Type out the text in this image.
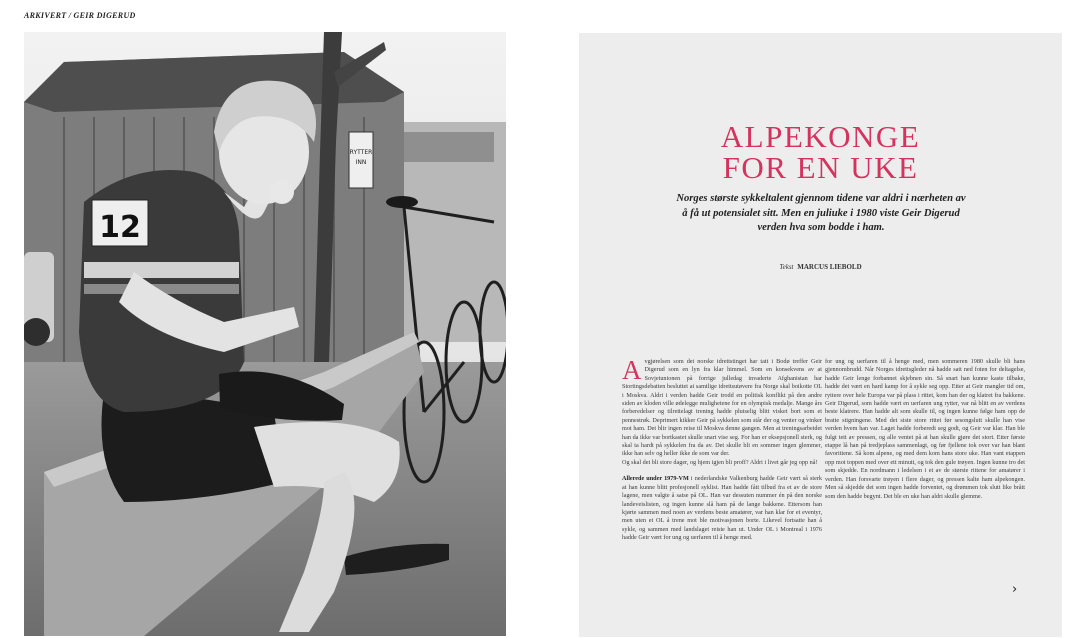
ARKIVERT / GEIR DIGERUD
RYTTER
INN
12
ALPEKONGE
FOR EN UKE
Norges største sykkeltalent gjennom tidene var aldri i nærheten av å få ut potensialet sitt. Men en juliuke i 1980 viste Geir Digerud verden hva som bodde i ham.
Tekst MARCUS LIEBOLD

A vgjørelsen som det norske idrettstinget har tatt i Bodø treffer Geir Digerud som en lyn fra klar himmel. Som en konsekvens av at Sovjetunionen på forrige julledag invaderte Afghanistan har Stortingsdebatten besluttet at samtlige idrettsutøvere fra Norge skal boikotte OL i Moskva. Aldri i verden hadde Geir trodd en politisk konflikt på den andre siden av kloden ville ødelegge mulighetene for en olympisk medalje. Mange års forberedelser og tilrettelagt trening hadde plutselig blitt visket bort som et pennestrøk. Deprimert kikker Geir på sykkelen som står der og venter og vinker mot ham. Det blir ingen reise til Moskva denne gangen. Men at treningsarbeidet han da ikke var bortkastet skulle snart vise seg. For han er eksepsjonell sterk, og skal ta hardt på sykkelen fra da av. Det skulle bli en sommer ingen glemmer, ikke han selv og heller ikke de som var der.

Og skal det bli store dager, og hjem igjen bli proff? Aldri i livet går jeg opp nå!

Allerede under 1979-VM i nederlandske Valkenburg hadde Geir vært så sterk at han kunne blitt profesjonell syklist. Han hadde fått tilbud fra et av de store lagene, men valgte å satse på OL. Han var dessuten nummer én på den norske landeveislisten, og ingen kunne slå ham på de lange bakkene. Ettersom han kjørte sammen med noen av verdens beste amatører, var han klar for et eventyr, men uten et OL å trene mot ble motivasjonen borte. Likevel fortsatte han å sykle, og sammen med landslaget reiste han ut. Under OL i Montreal i 1976 hadde Geir vært for ung og uerfaren til å henge med.

for ung og uerfaren til å henge med, men sommeren 1980 skulle bli hans gjennombrudd. Når Norges idrettsgleder nå hadde satt ned foten for deltagelse, hadde Geir lenge forbannet skjebnen sin. Så snart han kunne kaste tilbake, hadde det vært en hard kamp for å sykle seg opp. Etter at Geir mangler tid om, ryttere over hele Europa var på plass i rittet, kom han der og klatret fra bakkene. Geir Digerud, som hadde vært en uerfaren ung rytter, var nå blitt en av verdens beste klatrere. Han hadde alt som skulle til, og ingen kunne følge ham opp de bratte stigningene. Med det siste store rittet før sesongslutt skulle han vise verden hvem han var. Laget hadde forberedt seg godt, og Geir var klar. Han ble fulgt tett av pressen, og alle ventet på at han skulle gjøre det stort. Etter første etappe lå han på tredjeplass sammenlagt, og før fjellene tok over var han blant favorittene. Så kom alpene, og med dem kom hans store uke. Han vant etappen opp mot toppen med over ett minutt, og tok den gule trøyen. Ingen kunne tro det som skjedde. En nordmann i ledelsen i et av de største rittene for amatører i verden. Han forsvarte trøyen i flere dager, og pressen kalte ham alpekongen. Men så skjedde det som ingen hadde forventet, og drømmen tok slutt like brått som den hadde begynt. Det ble en uke han aldri skulle glemme.

›
